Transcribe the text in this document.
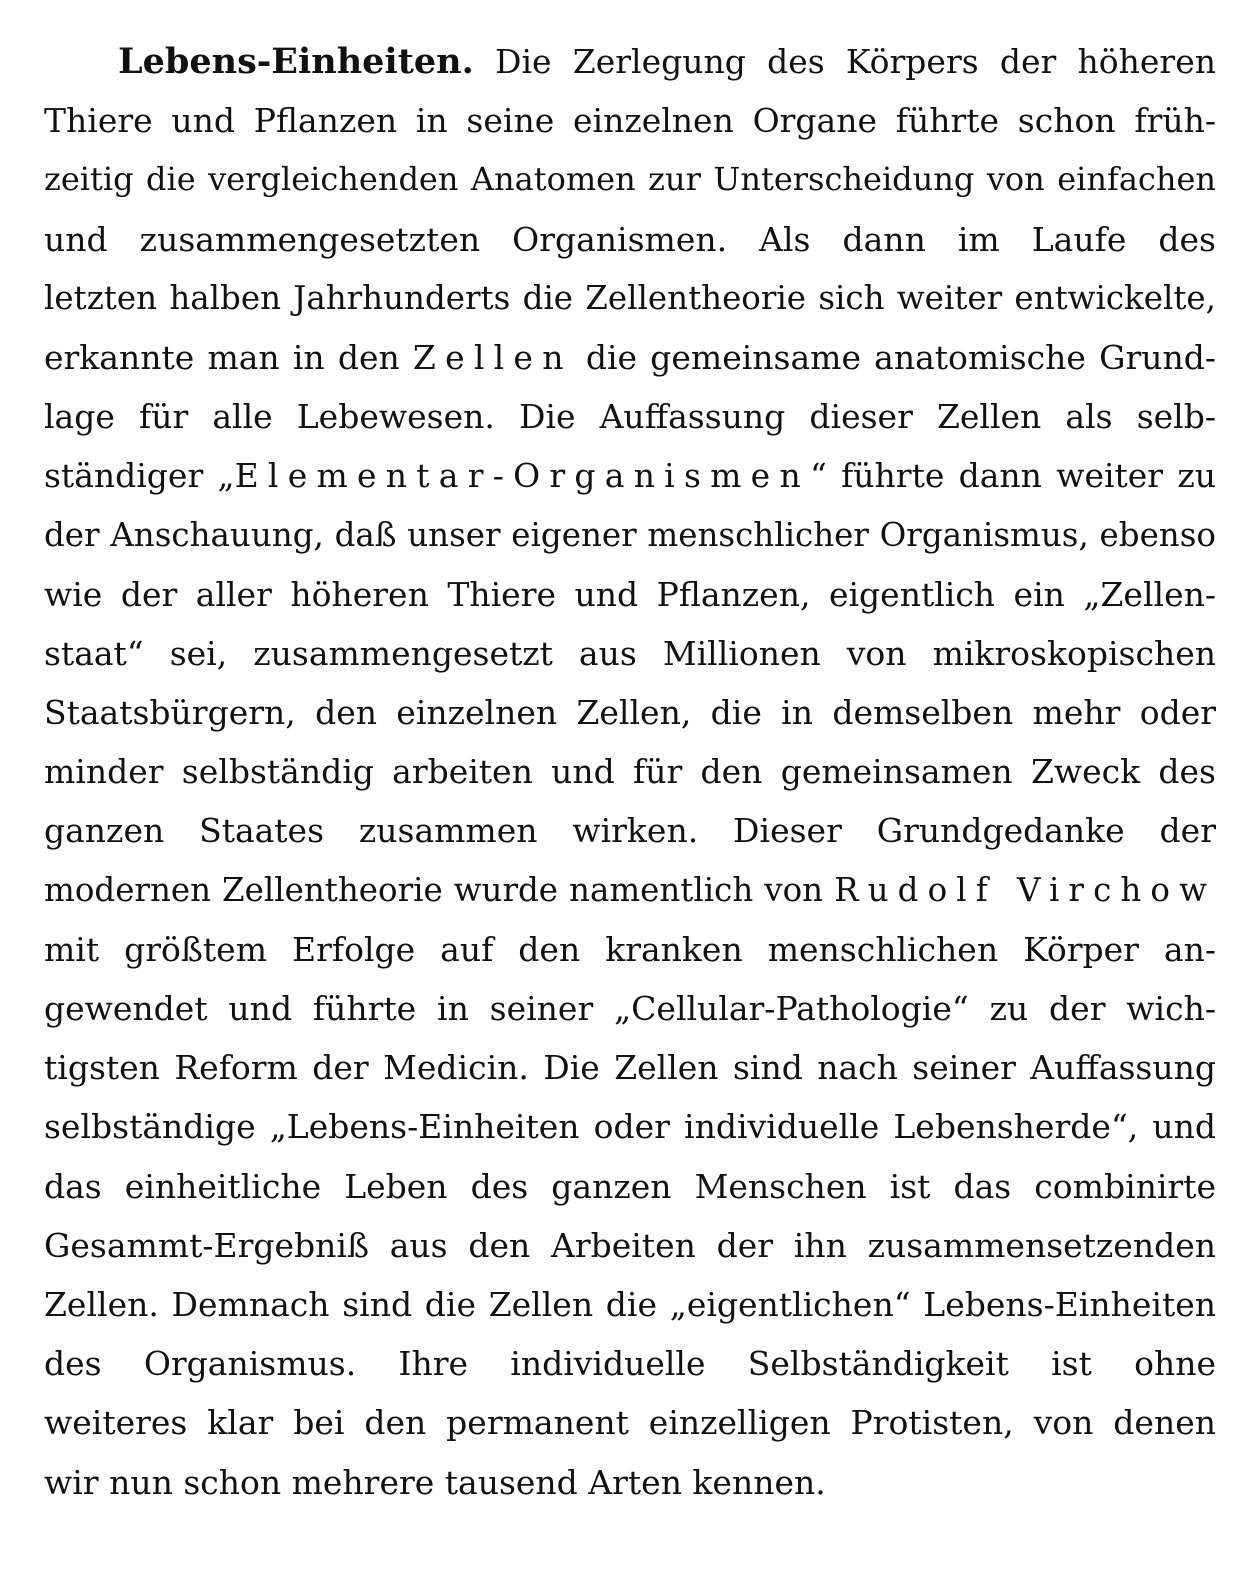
Lebens-Einheiten. Die Zerlegung des Körpers der höheren
Thiere und Pflanzen in seine einzelnen Organe führte schon früh-
zeitig die vergleichenden Anatomen zur Unterscheidung von einfachen
und zusammengesetzten Organismen. Als dann im Laufe des
letzten halben Jahrhunderts die Zellentheorie sich weiter entwickelte,
erkannte man in den Zellen die gemeinsame anatomische Grund-
lage für alle Lebewesen. Die Auffassung dieser Zellen als selb-
ständiger „Elementar-Organismen“ führte dann weiter zu
der Anschauung, daß unser eigener menschlicher Organismus, ebenso
wie der aller höheren Thiere und Pflanzen, eigentlich ein „Zellen-
staat“ sei, zusammengesetzt aus Millionen von mikroskopischen
Staatsbürgern, den einzelnen Zellen, die in demselben mehr oder
minder selbständig arbeiten und für den gemeinsamen Zweck des
ganzen Staates zusammen wirken. Dieser Grundgedanke der
modernen Zellentheorie wurde namentlich von Rudolf Virchow
mit größtem Erfolge auf den kranken menschlichen Körper an-
gewendet und führte in seiner „Cellular-Pathologie“ zu der wich-
tigsten Reform der Medicin. Die Zellen sind nach seiner Auffassung
selbständige „Lebens-Einheiten oder individuelle Lebensherde“, und
das einheitliche Leben des ganzen Menschen ist das combinirte
Gesammt-Ergebniß aus den Arbeiten der ihn zusammensetzenden
Zellen. Demnach sind die Zellen die „eigentlichen“ Lebens-Einheiten
des Organismus. Ihre individuelle Selbständigkeit ist ohne
weiteres klar bei den permanent einzelligen Protisten, von denen
wir nun schon mehrere tausend Arten kennen.
